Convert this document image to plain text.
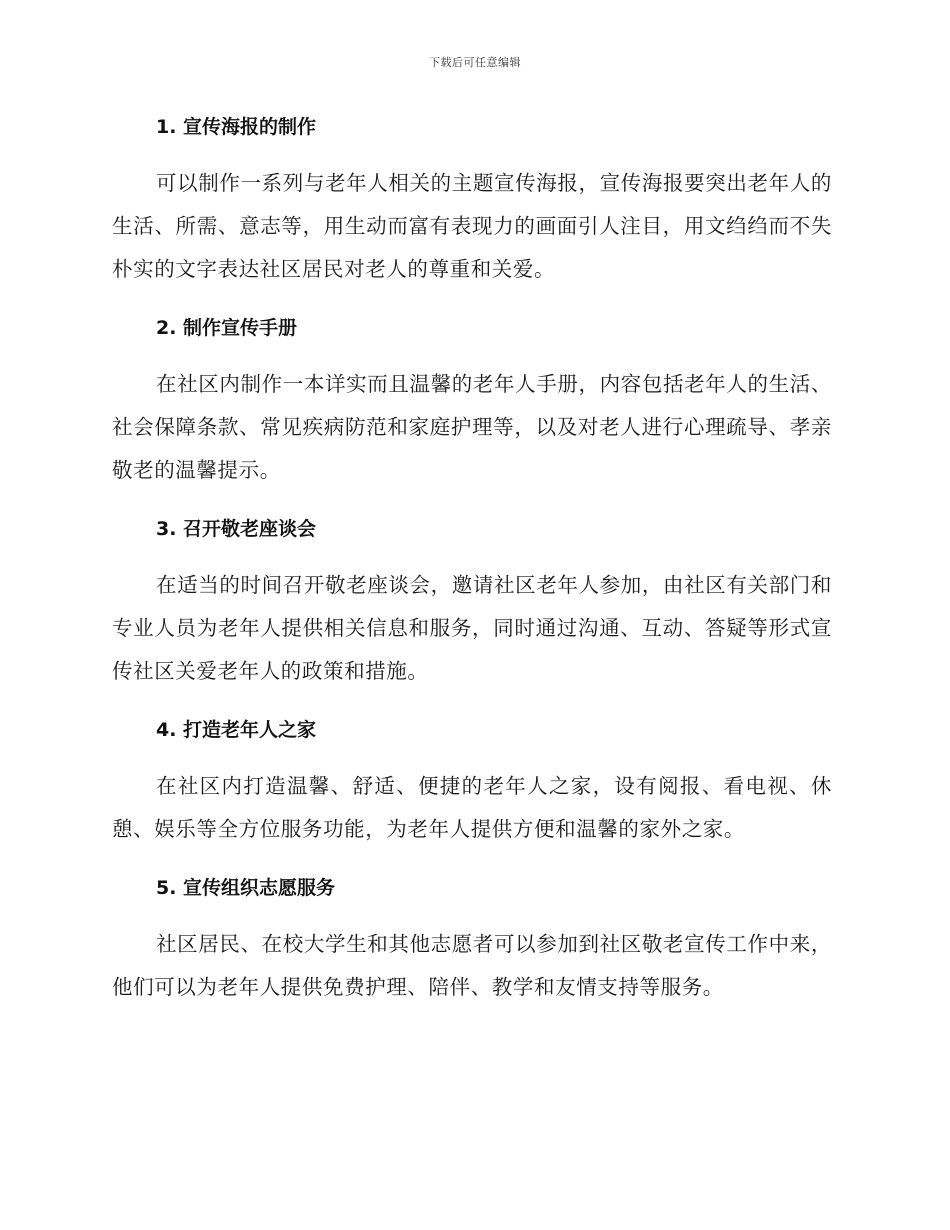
下载后可任意编辑
1. 宣传海报的制作

可以制作一系列与老年人相关的主题宣传海报，宣传海报要突出老年人的生活、所需、意志等，用生动而富有表现力的画面引人注目，用文绉绉而不失朴实的文字表达社区居民对老人的尊重和关爱。

2. 制作宣传手册

在社区内制作一本详实而且温馨的老年人手册，内容包括老年人的生活、社会保障条款、常见疾病防范和家庭护理等，以及对老人进行心理疏导、孝亲敬老的温馨提示。

3. 召开敬老座谈会

在适当的时间召开敬老座谈会，邀请社区老年人参加，由社区有关部门和专业人员为老年人提供相关信息和服务，同时通过沟通、互动、答疑等形式宣传社区关爱老年人的政策和措施。

4. 打造老年人之家

在社区内打造温馨、舒适、便捷的老年人之家，设有阅报、看电视、休憩、娱乐等全方位服务功能，为老年人提供方便和温馨的家外之家。

5. 宣传组织志愿服务

社区居民、在校大学生和其他志愿者可以参加到社区敬老宣传工作中来，他们可以为老年人提供免费护理、陪伴、教学和友情支持等服务。
